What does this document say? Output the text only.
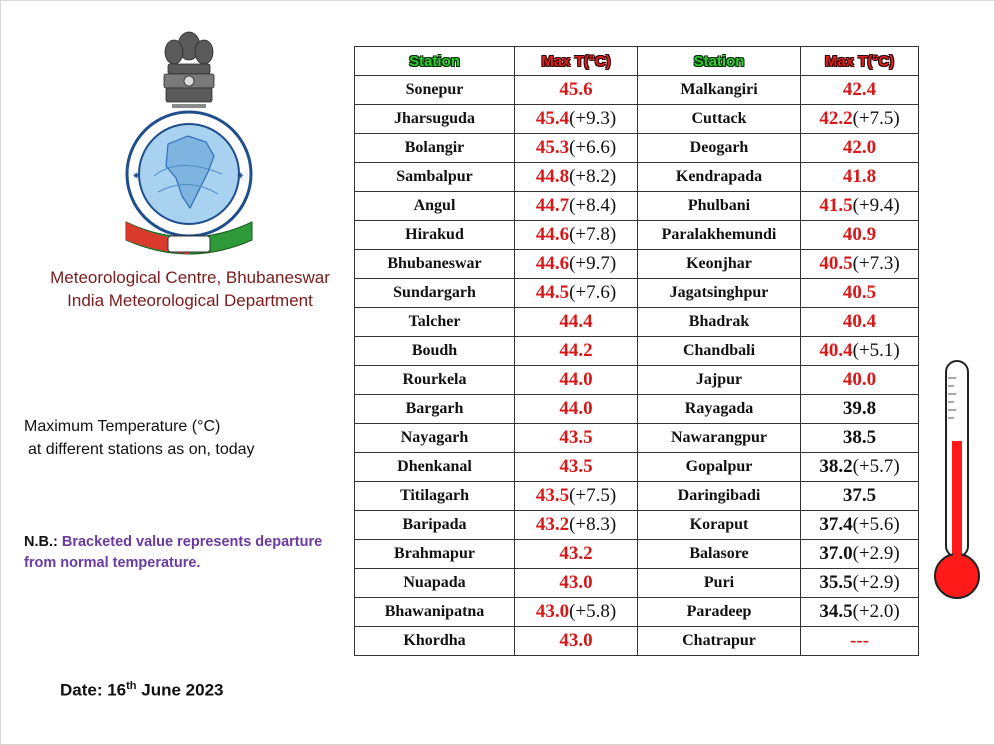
✷	✷
Meteorological Centre, Bhubaneswar
India Meteorological Department
Maximum Temperature (°C)
at different stations as on, today
N.B.: Bracketed value represents departure from normal temperature.
Date: 16th June 2023
Station	Max T(°C)	Station	Max T(°C)
Sonepur	45.6	Malkangiri	42.4
Jharsuguda	45.4(+9.3)	Cuttack	42.2(+7.5)
Bolangir	45.3(+6.6)	Deogarh	42.0
Sambalpur	44.8(+8.2)	Kendrapada	41.8
Angul	44.7(+8.4)	Phulbani	41.5(+9.4)
Hirakud	44.6(+7.8)	Paralakhemundi	40.9
Bhubaneswar	44.6(+9.7)	Keonjhar	40.5(+7.3)
Sundargarh	44.5(+7.6)	Jagatsinghpur	40.5
Talcher	44.4	Bhadrak	40.4
Boudh	44.2	Chandbali	40.4(+5.1)
Rourkela	44.0	Jajpur	40.0
Bargarh	44.0	Rayagada	39.8
Nayagarh	43.5	Nawarangpur	38.5
Dhenkanal	43.5	Gopalpur	38.2(+5.7)
Titilagarh	43.5(+7.5)	Daringibadi	37.5
Baripada	43.2(+8.3)	Koraput	37.4(+5.6)
Brahmapur	43.2	Balasore	37.0(+2.9)
Nuapada	43.0	Puri	35.5(+2.9)
Bhawanipatna	43.0(+5.8)	Paradeep	34.5(+2.0)
Khordha	43.0	Chatrapur	---
